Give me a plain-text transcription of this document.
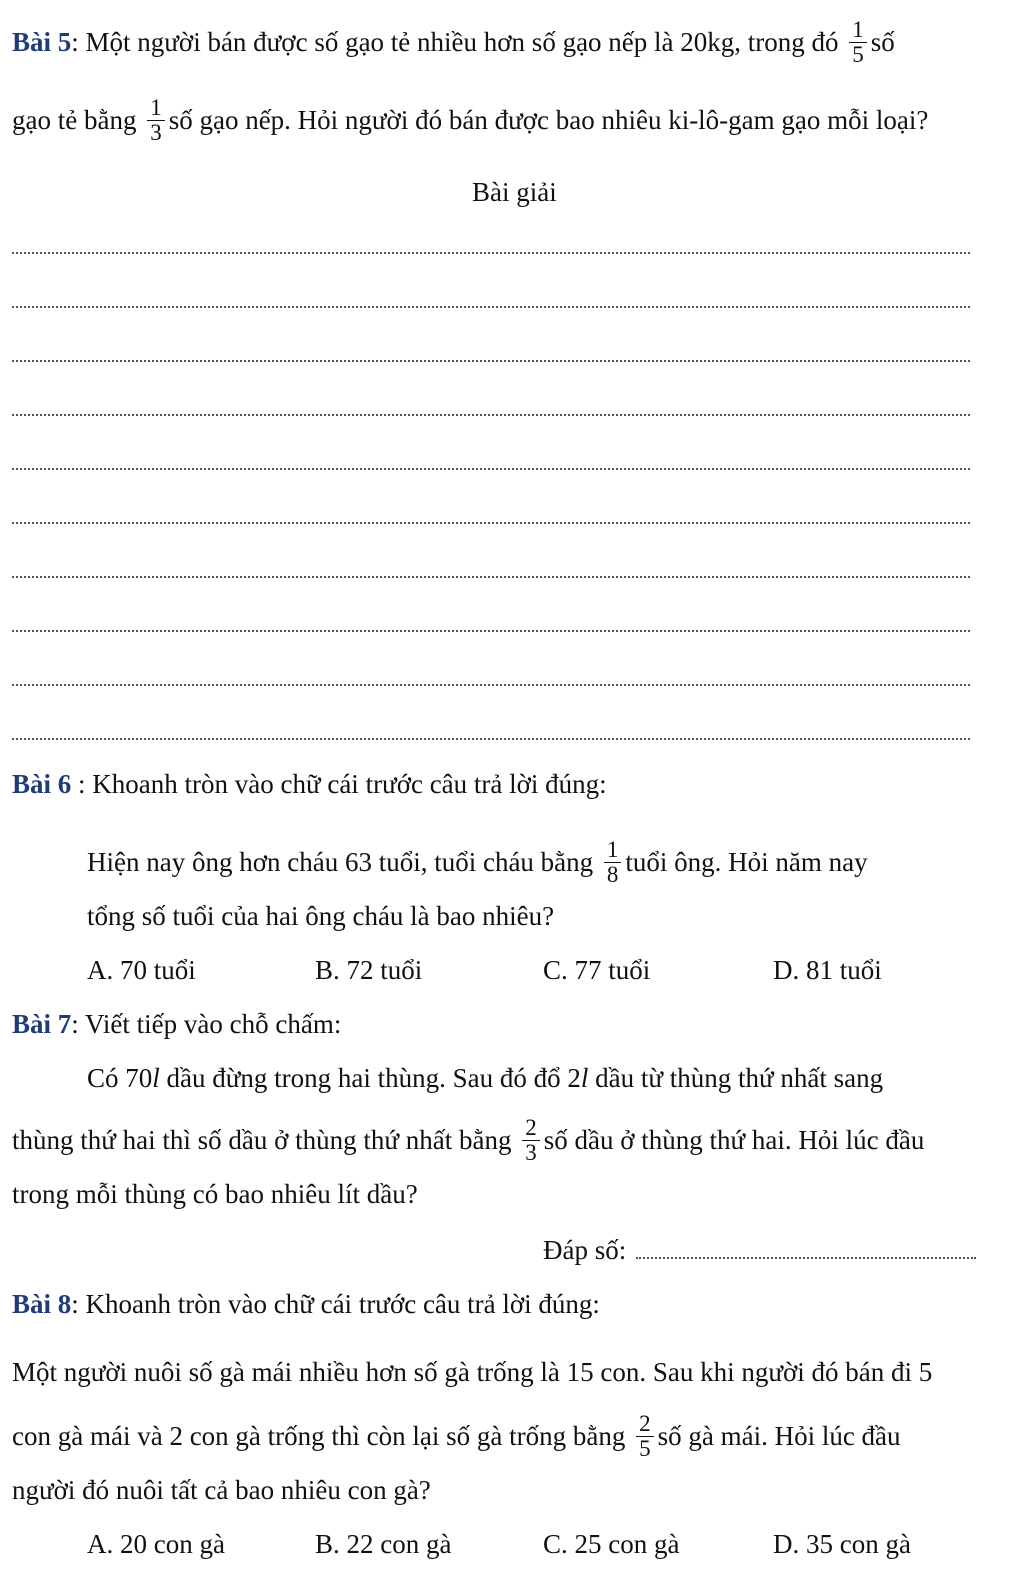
Bài 5: Một người bán được số gạo tẻ nhiều hơn số gạo nếp là 20kg, trong đó $\frac{1}{5}$ số
gạo tẻ bằng $\frac{1}{3}$ số gạo nếp. Hỏi người đó bán được bao nhiêu ki-lô-gam gạo mỗi loại?
Bài giải
Bài 6 : Khoanh tròn vào chữ cái trước câu trả lời đúng:
Hiện nay ông hơn cháu 63 tuổi, tuổi cháu bằng $\frac{1}{8}$ tuổi ông. Hỏi năm nay
tổng số tuổi của hai ông cháu là bao nhiêu?
A. 70 tuổi	B. 72 tuổi	C. 77 tuổi	D. 81 tuổi
Bài 7: Viết tiếp vào chỗ chấm:
Có 70l dầu đừng trong hai thùng. Sau đó đổ 2l dầu từ thùng thứ nhất sang
thùng thứ hai thì số dầu ở thùng thứ nhất bằng $\frac{2}{3}$ số dầu ở thùng thứ hai. Hỏi lúc đầu
trong mỗi thùng có bao nhiêu lít dầu?
Đáp số:
Bài 8: Khoanh tròn vào chữ cái trước câu trả lời đúng:
Một người nuôi số gà mái nhiều hơn số gà trống là 15 con. Sau khi người đó bán đi 5
con gà mái và 2 con gà trống thì còn lại số gà trống bằng $\frac{2}{5}$ số gà mái. Hỏi lúc đầu
người đó nuôi tất cả bao nhiêu con gà?
A. 20 con gà	B. 22 con gà	C. 25 con gà	D. 35 con gà
